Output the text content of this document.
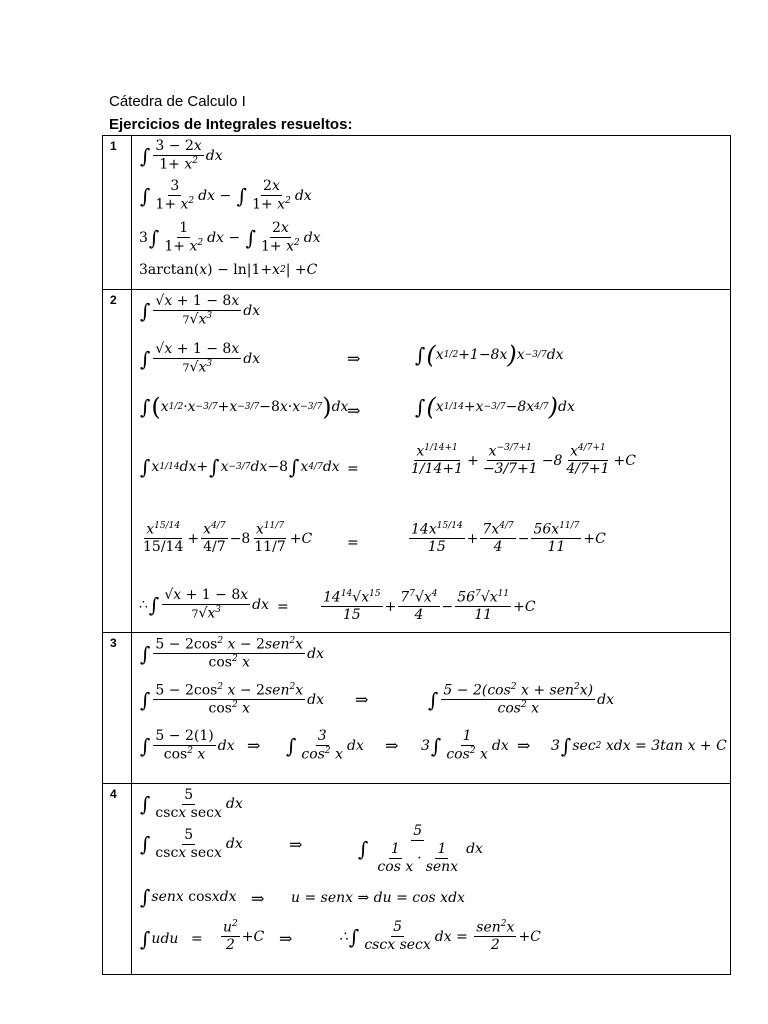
Cátedra de Calculo I
Ejercicios de Integrales resueltos:
1 ∫ $\frac{3 - 2x}{1+ x^2}$ dx
∫ $\frac{3}{1+ x^2}$ dx − ∫ $\frac{2x}{1+ x^2}$ dx
3 ∫ $\frac{1}{1+ x^2}$ dx − ∫ $\frac{2x}{1+ x^2}$ dx
3arctan( x ) − ln|1+ x 2 | + C
2 ∫ $\frac{√x + 1 - 8x}{7√x^3}$ dx
∫ $\frac{√x + 1 - 8x}{7√x^3}$ dx	⇒	∫ ( x 1/2 +1−8 x ) x −3/7 dx
∫ ( x 1/2 · x −3/7 + x −3/7 −8 x · x −3/7 ) dx
⇒	∫ ( x 1/14 + x −3/7 −8 x 4/7 ) dx
∫ x 1/14 dx + ∫ x −3/7 dx −8 ∫ x 4/7 dx =	$\frac{x^{1/14+1}}{1/14+1} + \frac{x^{-3/7+1}}{-3/7+1} -8 \frac{x^{4/7+1}}{4/7+1} + C$
$\frac{x^{15/14}}{15/14} + \frac{x^{4/7}}{4/7} -8 \frac{x^{11/7}}{11/7} + C$ =	$\frac{14x^{15/14}}{15} + \frac{7x^{4/7}}{4} - \frac{56x^{11/7}}{11} + C$
∴ ∫ $\frac{√x + 1 - 8x}{7√x^3}$ dx = $\frac{14^{14}√x^{15}}{15} + \frac{7^7√x^4}{4} - \frac{56^7√x^{11}}{11} + C$
3 ∫ $\frac{5 - 2\cos^2 x - 2sen^2x}{\cos^2 x}$ dx
∫ $\frac{5 - 2\cos^2 x - 2sen^2x}{\cos^2 x}$ dx ⇒	∫ $\frac{5 - 2(\cos^2 x + sen^2x)}{\cos^2 x}$ dx
∫ $\frac{5 - 2(1)}{\cos^2 x}$ dx ⇒ ∫ $\frac{3}{\cos^2 x}$ dx ⇒ 3 ∫ $\frac{1}{\cos^2 x}$ dx ⇒ 3 ∫ sec 2 xdx = 3tan x + C
4 ∫ $\frac{5}{\text{cscx secx}}$ dx
∫ $\frac{5}{\text{cscx secx}}$ dx	⇒	∫ $\frac{5}{\frac{1}{\text{cos x}} \cdot \frac{1}{\text{senx}}}$ dx
∫ senx cos xdx ⇒ u = senx ⇒ du = cos xdx
∫ udu = $\frac{u^2}{2} + C$ ⇒	∴ ∫ $\frac{5}{\text{cscx secx}}$ dx = $\frac{sen^2x}{2} + C$
